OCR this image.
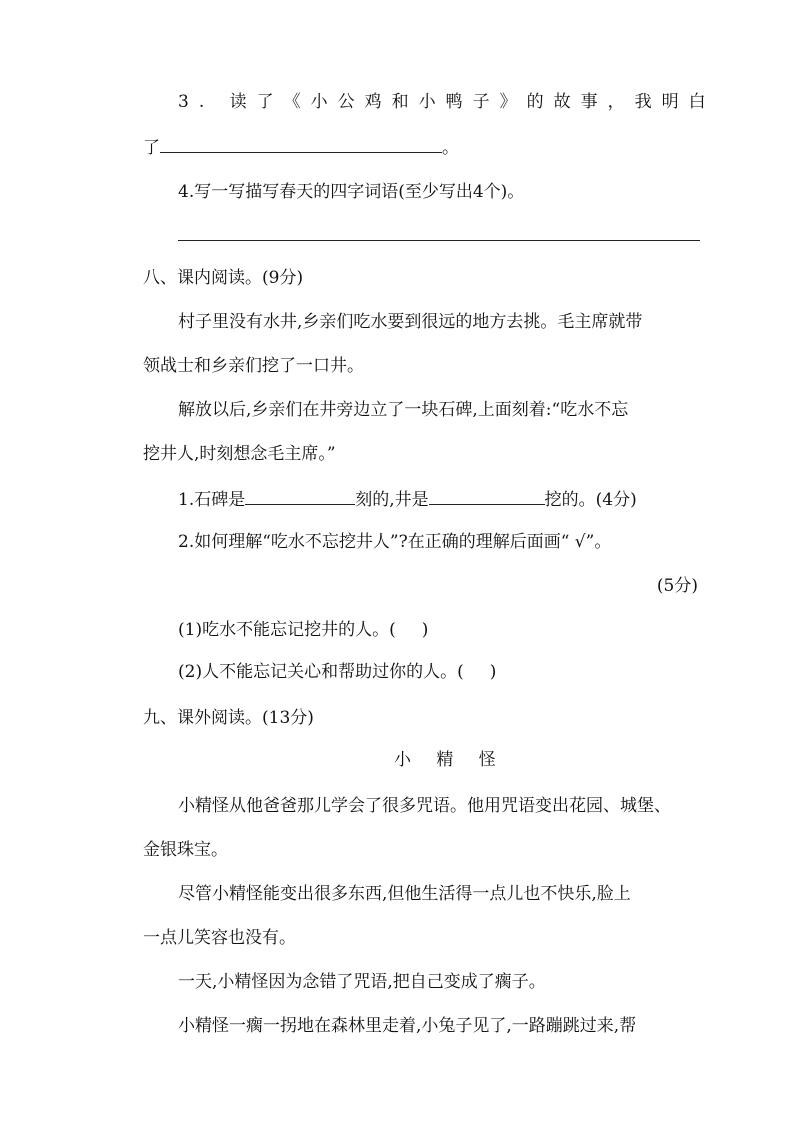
3. 读了《小公鸡和小鸭子》的故事，我明白
了	。
4.写一写描写春天的四字词语(至少写出4个)。
八、课内阅读。(9分)
村子里没有水井,乡亲们吃水要到很远的地方去挑。毛主席就带
领战士和乡亲们挖了一口井。
解放以后,乡亲们在井旁边立了一块石碑,上面刻着:“吃水不忘
挖井人,时刻想念毛主席。”
1.石碑是	刻的,井是	挖的。(4分)
2.如何理解“吃水不忘挖井人”?在正确的理解后面画“ √”。
(5分)
(1)吃水不能忘记挖井的人。( )
(2)人不能忘记关心和帮助过你的人。( )
九、课外阅读。(13分)
小 精 怪
小精怪从他爸爸那儿学会了很多咒语。他用咒语变出花园、城堡、
金银珠宝。
尽管小精怪能变出很多东西,但他生活得一点儿也不快乐,脸上
一点儿笑容也没有。
一天,小精怪因为念错了咒语,把自己变成了瘸子。
小精怪一瘸一拐地在森林里走着,小兔子见了,一路蹦跳过来,帮
